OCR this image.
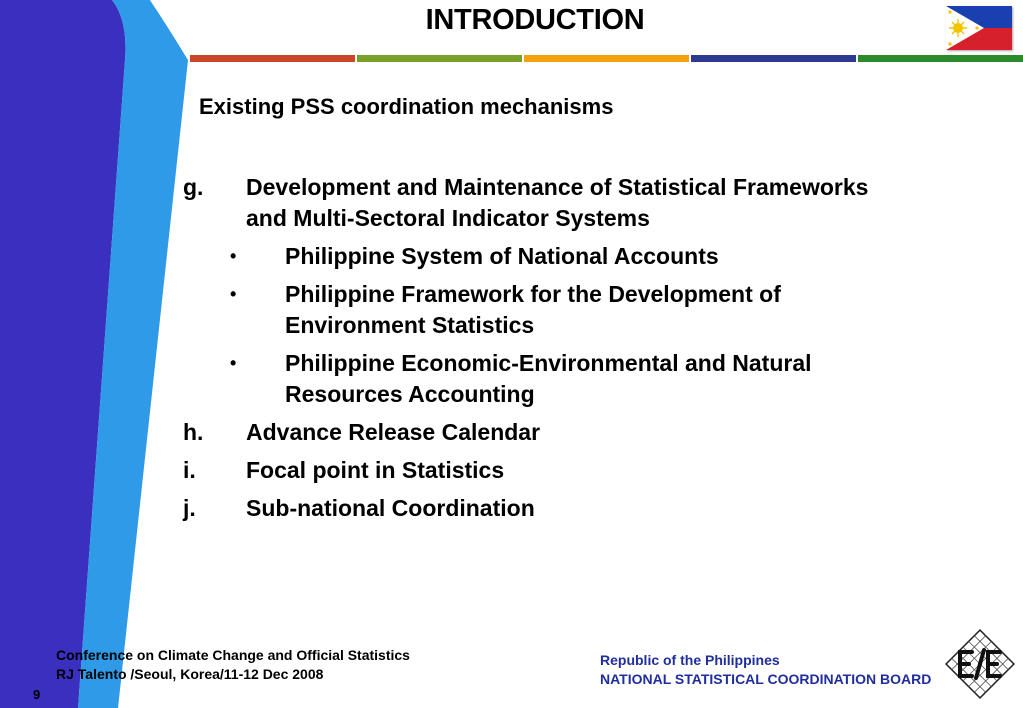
INTRODUCTION
Existing PSS coordination mechanisms
g. Development and Maintenance of Statistical Frameworks
and Multi-Sectoral Indicator Systems
• Philippine System of National Accounts
• Philippine Framework for the Development of
Environment Statistics
• Philippine Economic-Environmental and Natural
Resources Accounting
h. Advance Release Calendar
i. Focal point in Statistics
j. Sub-national Coordination
Conference on Climate Change and Official Statistics
RJ Talento /Seoul, Korea/11-12 Dec 2008
9
Republic of the Philippines
NATIONAL STATISTICAL COORDINATION BOARD
